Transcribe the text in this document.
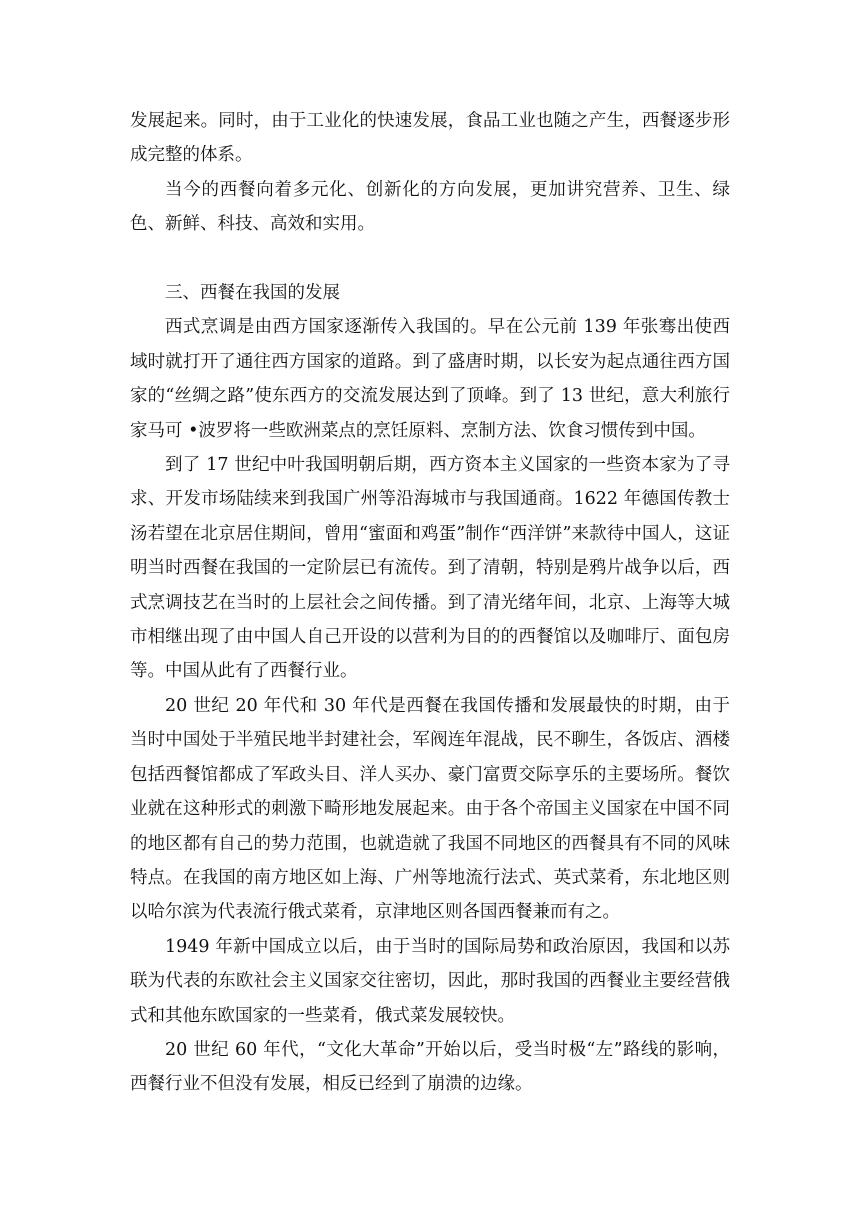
发展起来。同时，由于工业化的快速发展，食品工业也随之产生，西餐逐步形成完整的体系。

当今的西餐向着多元化、创新化的方向发展，更加讲究营养、卫生、绿色、新鲜、科技、高效和实用。

三、西餐在我国的发展

西式烹调是由西方国家逐渐传入我国的。早在公元前 139 年张骞出使西域时就打开了通往西方国家的道路。到了盛唐时期，以长安为起点通往西方国家的“丝绸之路”使东西方的交流发展达到了顶峰。到了 13 世纪，意大利旅行家马可 •波罗将一些欧洲菜点的烹饪原料、烹制方法、饮食习惯传到中国。

到了 17 世纪中叶我国明朝后期，西方资本主义国家的一些资本家为了寻求、开发市场陆续来到我国广州等沿海城市与我国通商。1622 年德国传教士汤若望在北京居住期间，曾用“蜜面和鸡蛋”制作“西洋饼”来款待中国人，这证明当时西餐在我国的一定阶层已有流传。到了清朝，特别是鸦片战争以后，西式烹调技艺在当时的上层社会之间传播。到了清光绪年间，北京、上海等大城市相继出现了由中国人自己开设的以营利为目的的西餐馆以及咖啡厅、面包房等。中国从此有了西餐行业。

20 世纪 20 年代和 30 年代是西餐在我国传播和发展最快的时期，由于当时中国处于半殖民地半封建社会，军阀连年混战，民不聊生，各饭店、酒楼包括西餐馆都成了军政头目、洋人买办、豪门富贾交际享乐的主要场所。餐饮业就在这种形式的刺激下畸形地发展起来。由于各个帝国主义国家在中国不同的地区都有自己的势力范围，也就造就了我国不同地区的西餐具有不同的风味特点。在我国的南方地区如上海、广州等地流行法式、英式菜肴，东北地区则以哈尔滨为代表流行俄式菜肴，京津地区则各国西餐兼而有之。

1949 年新中国成立以后，由于当时的国际局势和政治原因，我国和以苏联为代表的东欧社会主义国家交往密切，因此，那时我国的西餐业主要经营俄式和其他东欧国家的一些菜肴，俄式菜发展较快。

20 世纪 60 年代，“文化大革命”开始以后，受当时极“左”路线的影响，西餐行业不但没有发展，相反已经到了崩溃的边缘。
